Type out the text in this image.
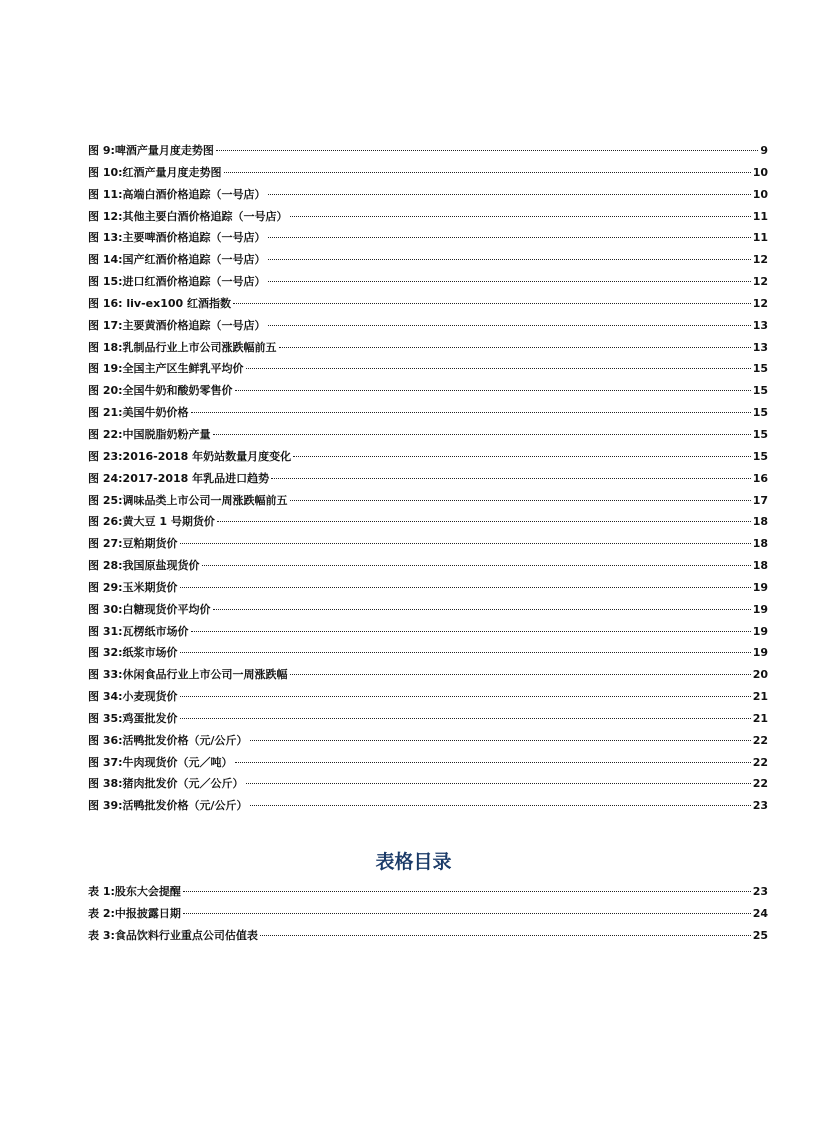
图 9:啤酒产量月度走势图	9
图 10:红酒产量月度走势图	10
图 11:高端白酒价格追踪（一号店）	10
图 12:其他主要白酒价格追踪（一号店）	11
图 13:主要啤酒价格追踪（一号店）	11
图 14:国产红酒价格追踪（一号店）	12
图 15:进口红酒价格追踪（一号店）	12
图 16: liv-ex100 红酒指数	12
图 17:主要黄酒价格追踪（一号店）	13
图 18:乳制品行业上市公司涨跌幅前五	13
图 19:全国主产区生鲜乳平均价	15
图 20:全国牛奶和酸奶零售价	15
图 21:美国牛奶价格	15
图 22:中国脱脂奶粉产量	15
图 23:2016-2018 年奶站数量月度变化	15
图 24:2017-2018 年乳品进口趋势	16
图 25:调味品类上市公司一周涨跌幅前五	17
图 26:黄大豆 1 号期货价	18
图 27:豆粕期货价	18
图 28:我国原盐现货价	18
图 29:玉米期货价	19
图 30:白糖现货价平均价	19
图 31:瓦楞纸市场价	19
图 32:纸浆市场价	19
图 33:休闲食品行业上市公司一周涨跌幅	20
图 34:小麦现货价	21
图 35:鸡蛋批发价	21
图 36:活鸭批发价格（元/公斤）	22
图 37:牛肉现货价（元／吨）	22
图 38:猪肉批发价（元／公斤）	22
图 39:活鸭批发价格（元/公斤）	23
表格目录
表 1:股东大会提醒	23
表 2:中报披露日期	24
表 3:食品饮料行业重点公司估值表	25
